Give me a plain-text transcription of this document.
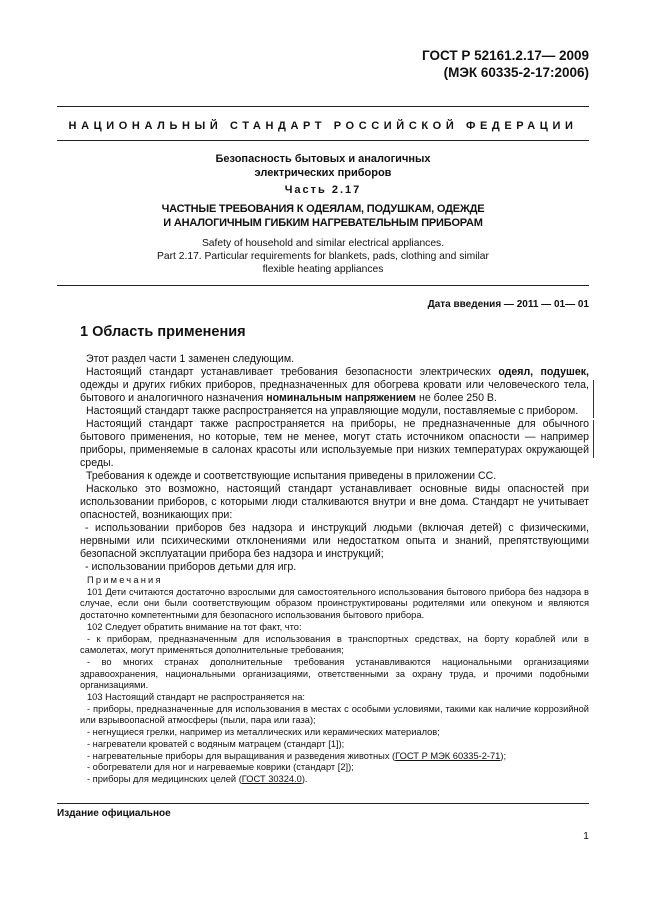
ГОСТ Р 52161.2.17— 2009
(МЭК 60335-2-17:2006)
НАЦИОНАЛЬНЫЙ СТАНДАРТ РОССИЙСКОЙ ФЕДЕРАЦИИ
Безопасность бытовых и аналогичных
электрических приборов
Часть 2.17
ЧАСТНЫЕ ТРЕБОВАНИЯ К ОДЕЯЛАМ, ПОДУШКАМ, ОДЕЖДЕ
И АНАЛОГИЧНЫМ ГИБКИМ НАГРЕВАТЕЛЬНЫМ ПРИБОРАМ
Safety of household and similar electrical appliances.
Part 2.17. Particular requirements for blankets, pads, clothing and similar
flexible heating appliances
Дата введения — 2011 — 01— 01
1 Область применения

Этот раздел части 1 заменен следующим.

Настоящий стандарт устанавливает требования безопасности электрических одеял, подушек, одежды и других гибких приборов, предназначенных для обогрева кровати или человеческого тела, бытового и аналогичного назначения номинальным напряжением не более 250 В.

Настоящий стандарт также распространяется на управляющие модули, поставляемые с прибором.

Настоящий стандарт также распространяется на приборы, не предназначенные для обычного бытового применения, но которые, тем не менее, могут стать источником опасности — например приборы, применяемые в салонах красоты или используемые при низких температурах окружающей среды.

Требования к одежде и соответствующие испытания приведены в приложении СС.

Насколько это возможно, настоящий стандарт устанавливает основные виды опасностей при использовании приборов, с которыми люди сталкиваются внутри и вне дома. Стандарт не учитывает опасностей, возникающих при:

- использовании приборов без надзора и инструкций людьми (включая детей) с физическими, нервными или психическими отклонениями или недостатком опыта и знаний, препятствующими безопасной эксплуатации прибора без надзора и инструкций;

- использовании приборов детьми для игр.

Примечания

101 Дети считаются достаточно взрослыми для самостоятельного использования бытового прибора без надзора в случае, если они были соответствующим образом проинструктированы родителями или опекуном и являются достаточно компетентными для безопасного использования бытового прибора.

102 Следует обратить внимание на тот факт, что:

- к приборам, предназначенным для использования в транспортных средствах, на борту кораблей или в самолетах, могут применяться дополнительные требования;

- во многих странах дополнительные требования устанавливаются национальными организациями здравоохранения, национальными организациями, ответственными за охрану труда, и прочими подобными организациями.

103 Настоящий стандарт не распространяется на:

- приборы, предназначенные для использования в местах с особыми условиями, такими как наличие коррозийной или взрывоопасной атмосферы (пыли, пара или газа);

- негнущиеся грелки, например из металлических или керамических материалов;

- нагреватели кроватей с водяным матрацем (стандарт [1]);

- нагревательные приборы для выращивания и разведения животных (ГОСТ Р МЭК 60335-2-71);

- обогреватели для ног и нагреваемые коврики (стандарт [2]);

- приборы для медицинских целей (ГОСТ 30324.0).

Издание официальное
1
